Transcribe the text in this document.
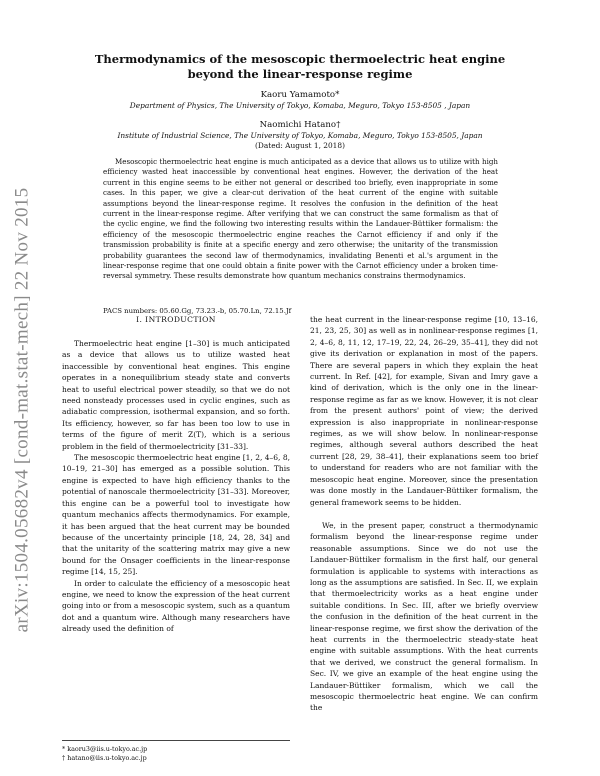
arXiv:1504.05682v4 [cond-mat.stat-mech] 22 Nov 2015
Thermodynamics of the mesoscopic thermoelectric heat engine beyond the linear-response regime
Kaoru Yamamoto*
Department of Physics, The University of Tokyo, Komaba, Meguro, Tokyo 153-8505 , Japan
Naomichi Hatano†
Institute of Industrial Science, The University of Tokyo, Komaba, Meguro, Tokyo 153-8505, Japan
(Dated: August 1, 2018)

Mesoscopic thermoelectric heat engine is much anticipated as a device that allows us to utilize with high efficiency wasted heat inaccessible by conventional heat engines. However, the derivation of the heat current in this engine seems to be either not general or described too briefly, even inappropriate in some cases. In this paper, we give a clear-cut derivation of the heat current of the engine with suitable assumptions beyond the linear-response regime. It resolves the confusion in the definition of the heat current in the linear-response regime. After verifying that we can construct the same formalism as that of the cyclic engine, we find the following two interesting results within the Landauer-Büttiker formalism: the efficiency of the mesoscopic thermoelectric engine reaches the Carnot efficiency if and only if the transmission probability is finite at a specific energy and zero otherwise; the unitarity of the transmission probability guarantees the second law of thermodynamics, invalidating Benenti et al.'s argument in the linear-response regime that one could obtain a finite power with the Carnot efficiency under a broken time-reversal symmetry. These results demonstrate how quantum mechanics constrains thermodynamics.

PACS numbers: 05.60.Gg, 73.23.-b, 05.70.Ln, 72.15.Jf
I. INTRODUCTION

Thermoelectric heat engine [1–30] is much anticipated as a device that allows us to utilize wasted heat inaccessible by conventional heat engines. This engine operates in a nonequilibrium steady state and converts heat to useful electrical power steadily, so that we do not need nonsteady processes used in cyclic engines, such as adiabatic compression, isothermal expansion, and so forth. Its efficiency, however, so far has been too low to use in terms of the figure of merit Z(T), which is a serious problem in the field of thermoelectricity [31–33].

The mesoscopic thermoelectric heat engine [1, 2, 4–6, 8, 10–19, 21–30] has emerged as a possible solution. This engine is expected to have high efficiency thanks to the potential of nanoscale thermoelectricity [31–33]. Moreover, this engine can be a powerful tool to investigate how quantum mechanics affects thermodynamics. For example, it has been argued that the heat current may be bounded because of the uncertainty principle [18, 24, 28, 34] and that the unitarity of the scattering matrix may give a new bound for the Onsager coefficients in the linear-response regime [14, 15, 25].

In order to calculate the efficiency of a mesoscopic heat engine, we need to know the expression of the heat current going into or from a mesoscopic system, such as a quantum dot and a quantum wire. Although many researchers have already used the definition of

the heat current in the linear-response regime [10, 13–16, 21, 23, 25, 30] as well as in nonlinear-response regimes [1, 2, 4–6, 8, 11, 12, 17–19, 22, 24, 26–29, 35–41], they did not give its derivation or explanation in most of the papers. There are several papers in which they explain the heat current. In Ref. [42], for example, Sivan and Imry gave a kind of derivation, which is the only one in the linear-response regime as far as we know. However, it is not clear from the present authors' point of view; the derived expression is also inappropriate in nonlinear-response regimes, as we will show below. In nonlinear-response regimes, although several authors described the heat current [28, 29, 38–41], their explanations seem too brief to understand for readers who are not familiar with the mesoscopic heat engine. Moreover, since the presentation was done mostly in the Landauer-Büttiker formalism, the general framework seems to be hidden.

We, in the present paper, construct a thermodynamic formalism beyond the linear-response regime under reasonable assumptions. Since we do not use the Landauer-Büttiker formalism in the first half, our general formulation is applicable to systems with interactions as long as the assumptions are satisfied. In Sec. II, we explain that thermoelectricity works as a heat engine under suitable conditions. In Sec. III, after we briefly overview the confusion in the definition of the heat current in the linear-response regime, we first show the derivation of the heat currents in the thermoelectric steady-state heat engine with suitable assumptions. With the heat currents that we derived, we construct the general formalism. In Sec. IV, we give an example of the heat engine using the Landauer-Büttiker formalism, which we call the mesoscopic thermoelectric heat engine. We can confirm the

* kaoru3@iis.u-tokyo.ac.jp
† hatano@iis.u-tokyo.ac.jp
